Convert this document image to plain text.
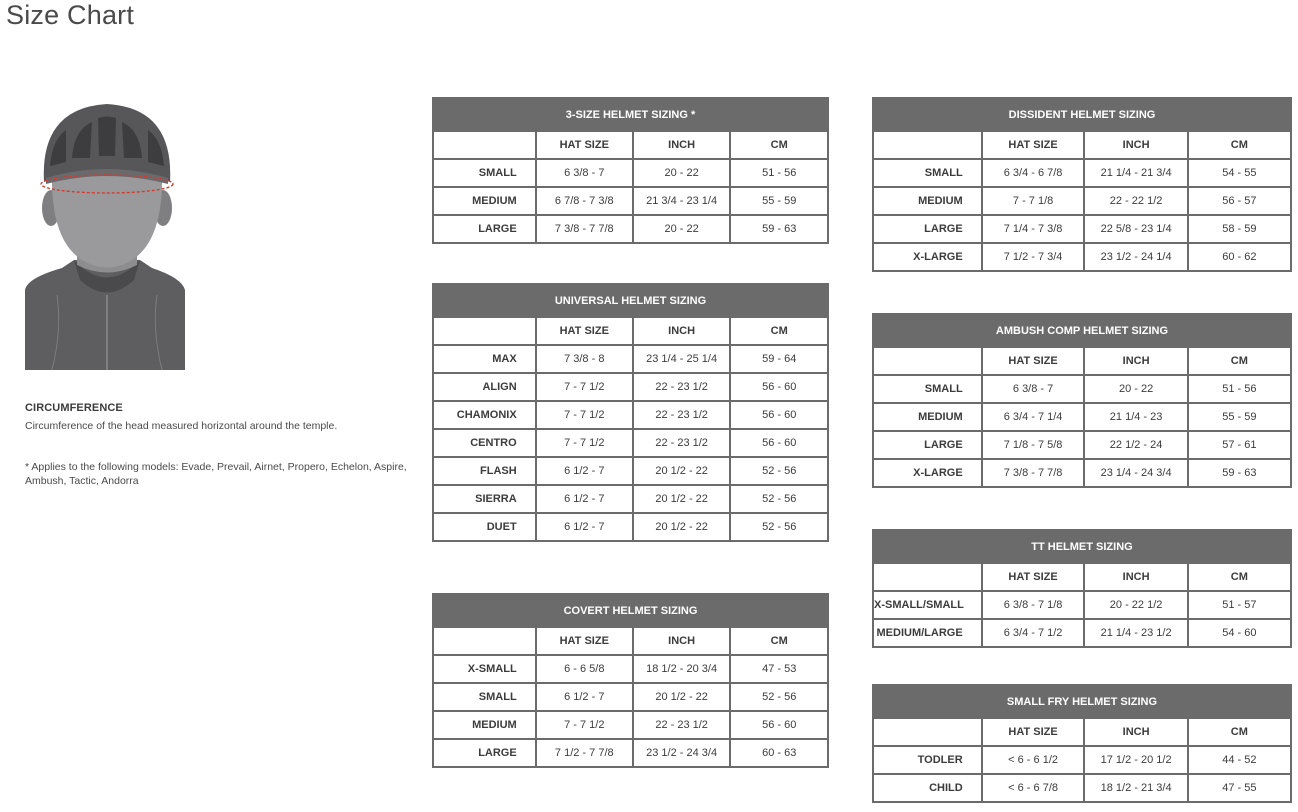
Size Chart

CIRCUMFERENCE

Circumference of the head measured horizontal around the temple.

* Applies to the following models: Evade, Prevail, Airnet, Propero, Echelon, Aspire, Ambush, Tactic, Andorra

3-SIZE HELMET SIZING *			
	HAT SIZE	INCH	CM
SMALL	6 3/8 - 7	20 - 22	51 - 56
MEDIUM	6 7/8 - 7 3/8	21 3/4 - 23 1/4	55 - 59
LARGE	7 3/8 - 7 7/8	20 - 22	59 - 63
UNIVERSAL HELMET SIZING			
	HAT SIZE	INCH	CM
MAX	7 3/8 - 8	23 1/4 - 25 1/4	59 - 64
ALIGN	7 - 7 1/2	22 - 23 1/2	56 - 60
CHAMONIX	7 - 7 1/2	22 - 23 1/2	56 - 60
CENTRO	7 - 7 1/2	22 - 23 1/2	56 - 60
FLASH	6 1/2 - 7	20 1/2 - 22	52 - 56
SIERRA	6 1/2 - 7	20 1/2 - 22	52 - 56
DUET	6 1/2 - 7	20 1/2 - 22	52 - 56
COVERT HELMET SIZING			
	HAT SIZE	INCH	CM
X-SMALL	6 - 6 5/8	18 1/2 - 20 3/4	47 - 53
SMALL	6 1/2 - 7	20 1/2 - 22	52 - 56
MEDIUM	7 - 7 1/2	22 - 23 1/2	56 - 60
LARGE	7 1/2 - 7 7/8	23 1/2 - 24 3/4	60 - 63
DISSIDENT HELMET SIZING			
	HAT SIZE	INCH	CM
SMALL	6 3/4 - 6 7/8	21 1/4 - 21 3/4	54 - 55
MEDIUM	7 - 7 1/8	22 - 22 1/2	56 - 57
LARGE	7 1/4 - 7 3/8	22 5/8 - 23 1/4	58 - 59
X-LARGE	7 1/2 - 7 3/4	23 1/2 - 24 1/4	60 - 62
AMBUSH COMP HELMET SIZING			
	HAT SIZE	INCH	CM
SMALL	6 3/8 - 7	20 - 22	51 - 56
MEDIUM	6 3/4 - 7 1/4	21 1/4 - 23	55 - 59
LARGE	7 1/8 - 7 5/8	22 1/2 - 24	57 - 61
X-LARGE	7 3/8 - 7 7/8	23 1/4 - 24 3/4	59 - 63
TT HELMET SIZING			
	HAT SIZE	INCH	CM
X-SMALL/SMALL	6 3/8 - 7 1/8	20 - 22 1/2	51 - 57
MEDIUM/LARGE	6 3/4 - 7 1/2	21 1/4 - 23 1/2	54 - 60
SMALL FRY HELMET SIZING			
	HAT SIZE	INCH	CM
TODLER	< 6 - 6 1/2	17 1/2 - 20 1/2	44 - 52
CHILD	< 6 - 6 7/8	18 1/2 - 21 3/4	47 - 55
